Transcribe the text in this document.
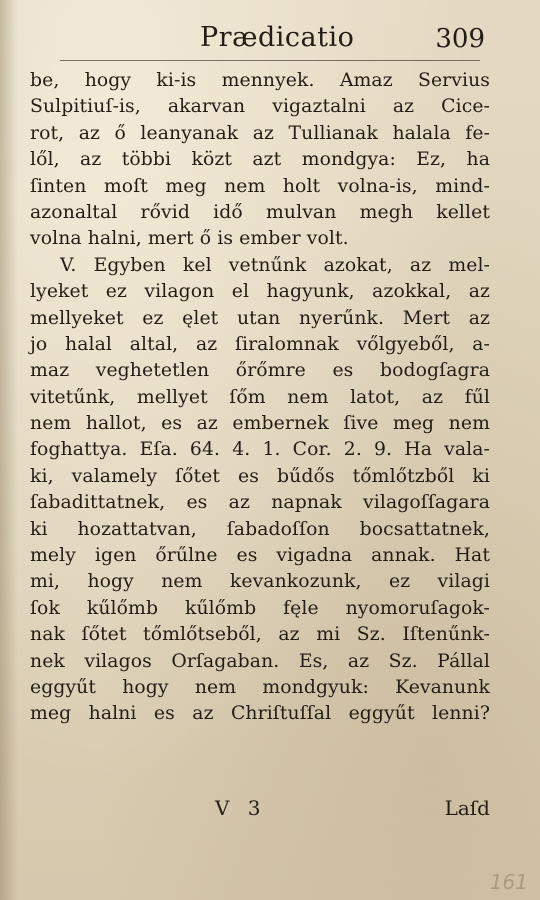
Prædicatio	309
be, hogy ki-is mennyek. Amaz Servius
Sulpitiuſ-is, akarvan vigaztalni az Cice-
rot, az ő leanyanak az Tullianak halala fe-
lől, az többi közt azt mondgya: Ez, ha
ſinten moſt meg nem holt volna-is, mind-
azonaltal rővid idő mulvan megh kellet
volna halni, mert ő is ember volt.
V. Egyben kel vetnűnk azokat, az mel-
lyeket ez vilagon el hagyunk, azokkal, az
mellyeket ez ęlet utan nyerűnk. Mert az
jo halal altal, az ſiralomnak vőlgyeből, a-
maz veghetetlen őrőmre es bodogſagra
vitetűnk, mellyet ſőm nem latot, az fűl
nem hallot, es az embernek ſive meg nem
foghattya. Eſa. 64. 4. 1. Cor. 2. 9. Ha vala-
ki, valamely ſőtet es bűdős tőmlőtzből ki
ſabadittatnek, es az napnak vilagoſſagara
ki hozattatvan, ſabadoſſon bocsattatnek,
mely igen őrűlne es vigadna annak. Hat
mi, hogy nem kevankozunk, ez vilagi
ſok kűlőmb kűlőmb fęle nyomoruſagok-
nak ſőtet tőmlőtseből, az mi Sz. Iſtenűnk-
nek vilagos Orſagaban. Es, az Sz. Pállal
eggyűt hogy nem mondgyuk: Kevanunk
meg halni es az Chriſtuſſal eggyűt lenni?
V 3	Laſd
161
